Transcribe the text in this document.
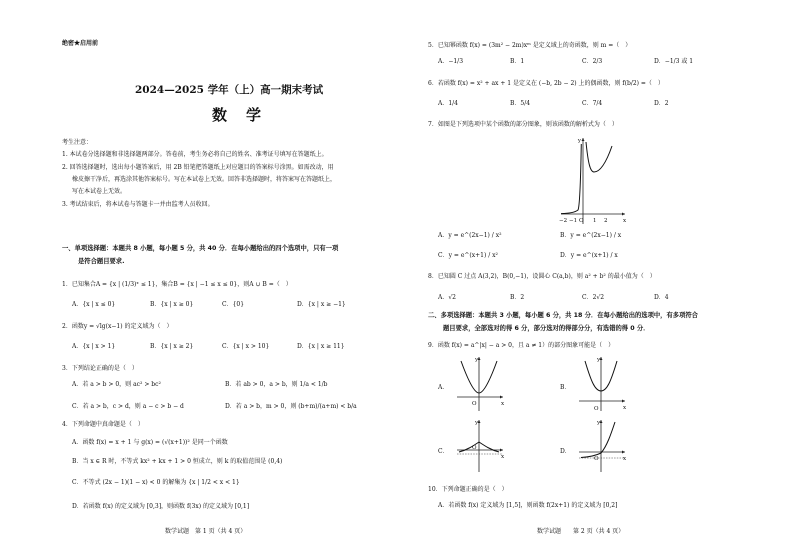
绝密★启用前
2024—2025 学年（上）高一期末考试
数　学
考生注意：
1. 本试卷分选择题和非选择题两部分。答卷前，考生务必将自己的姓名、准考证号填写在答题纸上。
2. 回答选择题时，选出每小题答案后，用 2B 铅笔把答题纸上对应题目的答案标号涂黑。如需改动，用
橡皮擦干净后，再选涂其他答案标号。写在本试卷上无效。回答非选择题时，将答案写在答题纸上，
写在本试卷上无效。
3. 考试结束后，将本试卷与答题卡一并由监考人员收回。
一、单项选择题：本题共 8 小题，每小题 5 分，共 40 分．在每小题给出的四个选项中，只有一项
是符合题目要求.
1．已知集合A = {x | (1/3)ˣ ≤ 1}，集合B = {x | −1 ≤ x ≤ 0}，则A ∪ B =（　）
A．{x | x ≤ 0}	B．{x | x ≥ 0}	C．{0}	D．{x | x ≥ −1}
2．函数y = √lg(x−1) 的定义域为（　）
A．{x | x > 1}	B．{x | x ≥ 2}	C．{x | x > 10}	D．{x | x ≥ 11}
3．下列结论正确的是（　）
A．若 a > b > 0，则 ac² > bc²	B．若 ab > 0，a > b，则 1/a < 1/b
C．若 a > b，c > d，则 a − c > b − d	D．若 a > b，m > 0，则 (b+m)/(a+m) < b/a
4．下列命题中真命题是（　）
A．函数 f(x) = x + 1 与 g(x) = (√(x+1))² 是同一个函数
B．当 x ∈ R 时，不等式 kx² + kx + 1 > 0 恒成立，则 k 的取值范围是 (0,4)
C．不等式 (2x − 1)(1 − x) < 0 的解集为 {x | 1/2 < x < 1}
D．若函数 f(x) 的定义域为 [0,3]，则函数 f(3x) 的定义域为 [0,1]
数学试题　第 1 页（共 4 页）
5．已知幂函数 f(x) = (3m² − 2m)xᵐ 是定义域上的奇函数，则 m =（　）
A．−1/3	B．1	C．2/3	D．−1/3 或 1
6．若函数 f(x) = x² + ax + 1 是定义在 (−b, 2b − 2) 上的偶函数，则 f(b/2) =（　）
A．1/4	B．5/4	C．7/4	D．2
7．如图是下列选项中某个函数的部分图象，则该函数的解析式为（　）
y
x
−2 −1 O 1 2
A．y = e^(2x−1) / x²	B．y = e^(2x−1) / x
C．y = e^(x+1) / x²	D．y = e^(x+1) / x
8．已知圆 C 过点 A(3,2)，B(0,−1)，设圆心 C(a,b)，则 a² + b² 的最小值为（　）
A．√2	B．2	C．2√2	D．4
二、多项选择题：本题共 3 小题，每小题 6 分，共 18 分．在每小题给出的选项中，有多项符合
题目要求，全部选对的得 6 分，部分选对的得部分分，有选错的得 0 分．
9．函数 f(x) = a^|x| − a > 0，且 a ≠ 1）的部分图象可能是（　）
A．
y
x
O
B．
y
x
O
C．
y
x
O	D．
y
x
O
10．下列命题正确的是（　）
A．若函数 f(x) 定义域为 [1,5]，则函数 f(2x+1) 的定义域为 [0,2]
数学试题　　第 2 页（共 4 页）
